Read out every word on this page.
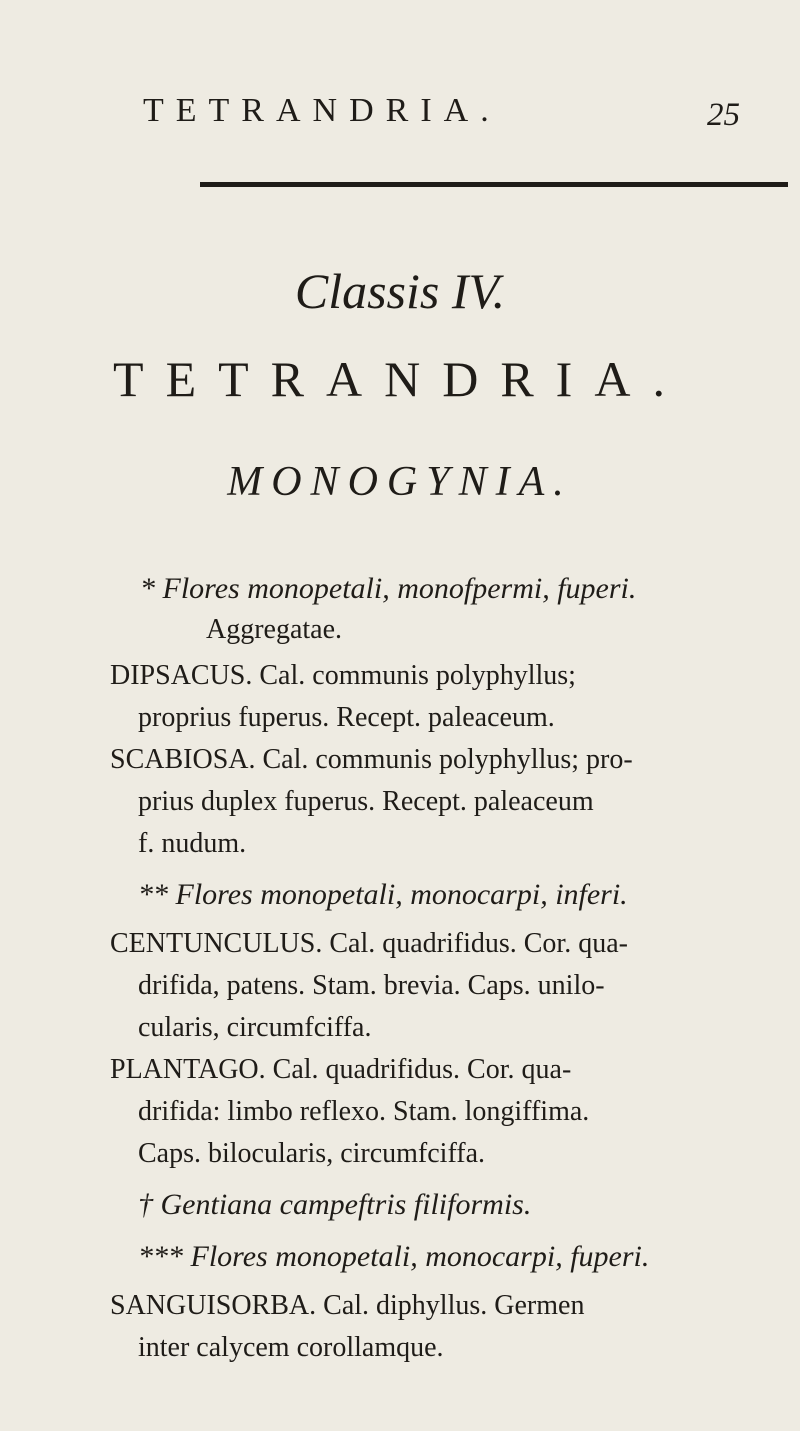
TETRANDRIA.	25
Classis IV.
TETRANDRIA.
MONOGYNIA.
* Flores monopetali, monofpermi, fuperi.
Aggregatae.
DIPSACUS. Cal. communis polyphyllus;
proprius fuperus. Recept. paleaceum.
SCABIOSA. Cal. communis polyphyllus; pro-
prius duplex fuperus. Recept. paleaceum
f. nudum.
** Flores monopetali, monocarpi, inferi.
CENTUNCULUS. Cal. quadrifidus. Cor. qua-
drifida, patens. Stam. brevia. Caps. unilo-
cularis, circumfciffa.
PLANTAGO. Cal. quadrifidus. Cor. qua-
drifida: limbo reflexo. Stam. longiffima.
Caps. bilocularis, circumfciffa.
† Gentiana campeftris filiformis.
*** Flores monopetali, monocarpi, fuperi.
SANGUISORBA. Cal. diphyllus. Germen
inter calycem corollamque.
